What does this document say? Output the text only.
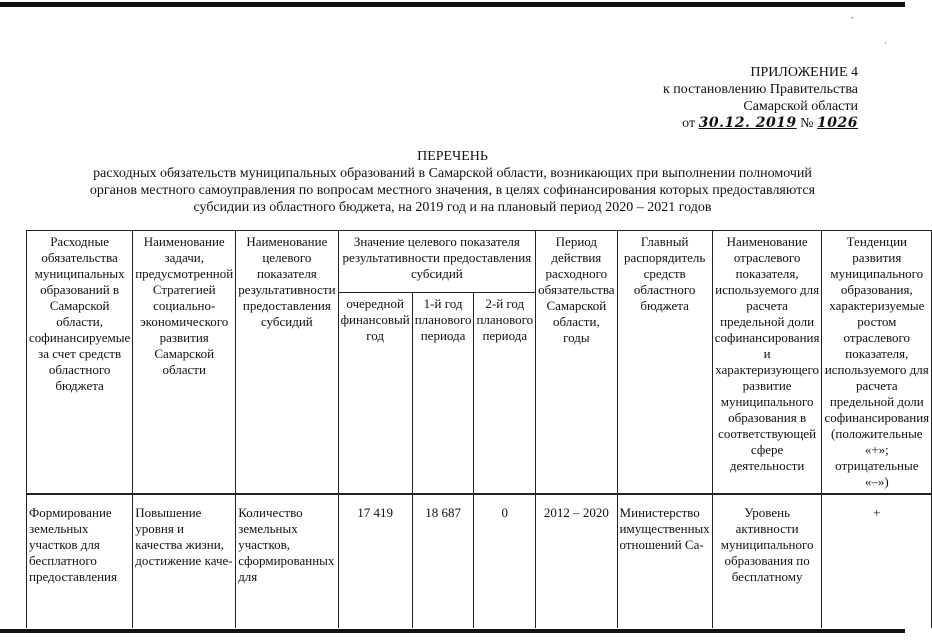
-
·
ПРИЛОЖЕНИЕ 4
к постановлению Правительства
Самарской области
от 30.12. 2019 № 1026
ПЕРЕЧЕНЬ
расходных обязательств муниципальных образований в Самарской области, возникающих при выполнении полномочий
органов местного самоуправления по вопросам местного значения, в целях софинансирования которых предоставляются
субсидии из областного бюджета, на 2019 год и на плановый период 2020 – 2021 годов
Расходные обязательства муниципальных образований в Самарской области, софинансируемые за счет средств областного бюджета	Наименование задачи, предусмотренной Стратегией социально-экономического развития Самарской области	Наименование целевого показателя результативности предоставления субсидий	Значение целевого показателя результативности предоставления субсидий			Период действия расходного обязательства Самарской области, годы	Главный распорядитель средств областного бюджета	Наименование отраслевого показателя, используемого для расчета предельной доли софинансирования и характеризующего развитие муниципального образования в соответствующей сфере деятельности	Тенденции развития муниципального образования, характеризуемые ростом отраслевого показателя, используемого для расчета предельной доли софинансирования (положительные «+»; отрицательные «–»)
			очередной финансовый год	1-й год планового периода	2-й год планового периода				
Формирование земельных участков для бесплатного предоставления	Повышение уровня и качества жизни, достижение каче-	Количество земельных участков, сформированных для	17 419	18 687	0	2012 – 2020	Министерство имущественных отношений Са-	Уровень активности муниципального образования по бесплатному	+
